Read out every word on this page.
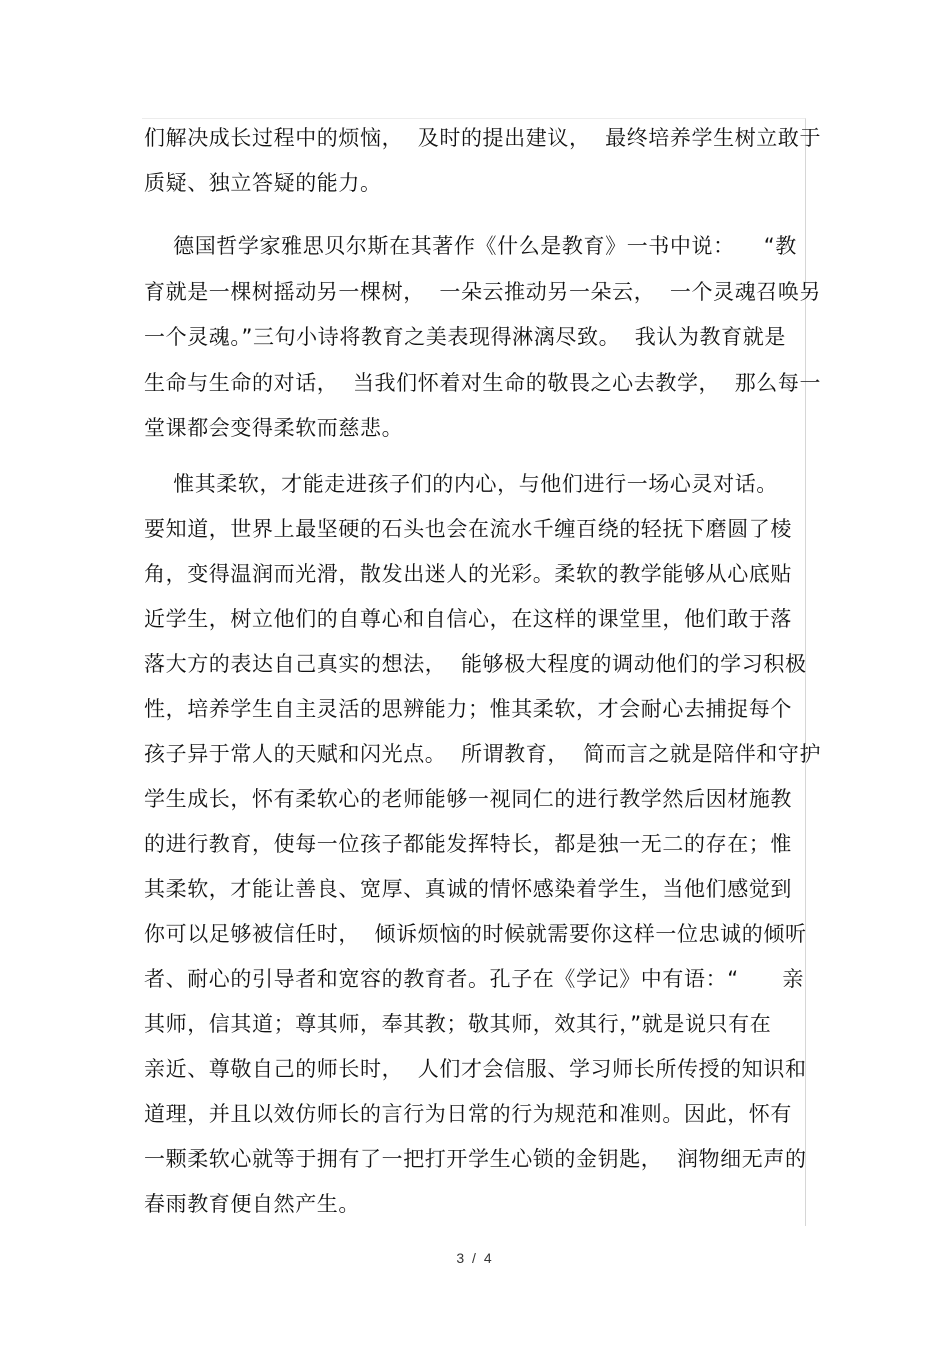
们解决成长过程中的烦恼，  及时的提出建议，  最终培养学生树立敢于
质疑、独立答疑的能力。
德国哲学家雅思贝尔斯在其著作《什么是教育》一书中说：    “教
育就是一棵树摇动另一棵树，  一朵云推动另一朵云，  一个灵魂召唤另
一个灵魂。”三句小诗将教育之美表现得淋漓尽致。  我认为教育就是
生命与生命的对话，  当我们怀着对生命的敬畏之心去教学，  那么每一
堂课都会变得柔软而慈悲。
惟其柔软，才能走进孩子们的内心，与他们进行一场心灵对话。
要知道，世界上最坚硬的石头也会在流水千缠百绕的轻抚下磨圆了棱
角，变得温润而光滑，散发出迷人的光彩。柔软的教学能够从心底贴
近学生，树立他们的自尊心和自信心，在这样的课堂里，他们敢于落
落大方的表达自己真实的想法，  能够极大程度的调动他们的学习积极
性，培养学生自主灵活的思辨能力；惟其柔软，才会耐心去捕捉每个
孩子异于常人的天赋和闪光点。  所谓教育，  简而言之就是陪伴和守护
学生成长，怀有柔软心的老师能够一视同仁的进行教学然后因材施教
的进行教育，使每一位孩子都能发挥特长，都是独一无二的存在；惟
其柔软，才能让善良、宽厚、真诚的情怀感染着学生，当他们感觉到
你可以足够被信任时，  倾诉烦恼的时候就需要你这样一位忠诚的倾听
者、耐心的引导者和宽容的教育者。孔子在《学记》中有语：“      亲
其师，信其道；尊其师，奉其教；敬其师，效其行，”就是说只有在
亲近、尊敬自己的师长时，  人们才会信服、学习师长所传授的知识和
道理，并且以效仿师长的言行为日常的行为规范和准则。因此，怀有
一颗柔软心就等于拥有了一把打开学生心锁的金钥匙，  润物细无声的
春雨教育便自然产生。
3 / 4
